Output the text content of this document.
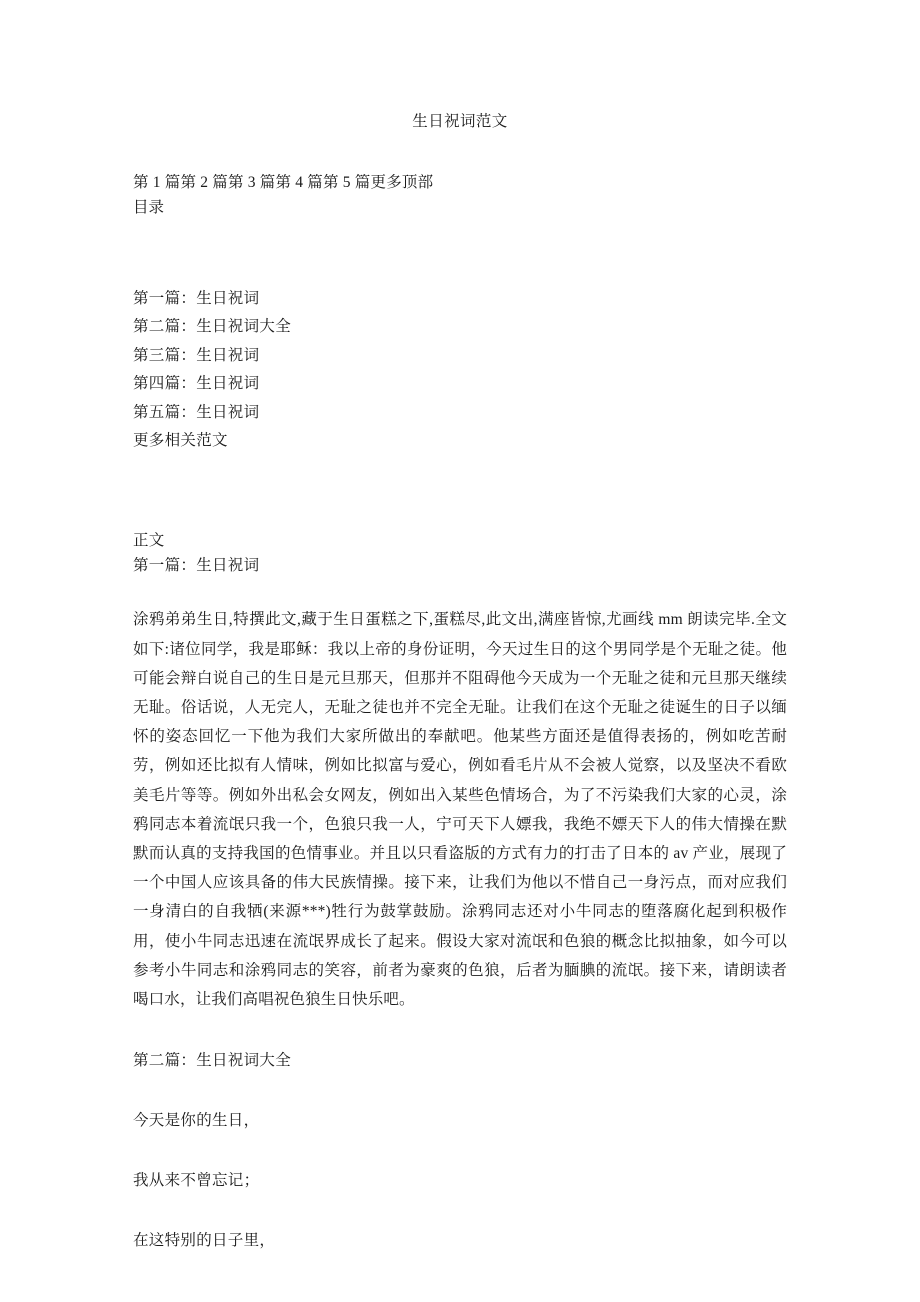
生日祝词范文

第 1 篇第 2 篇第 3 篇第 4 篇第 5 篇更多顶部

目录

第一篇：生日祝词
第二篇：生日祝词大全
第三篇：生日祝词
第四篇：生日祝词
第五篇：生日祝词

更多相关范文

正文

第一篇：生日祝词

涂鸦弟弟生日,特撰此文,藏于生日蛋糕之下,蛋糕尽,此文出,满座皆惊,尤画线 mm 朗读完毕.全文如下:诸位同学，我是耶稣：我以上帝的身份证明，今天过生日的这个男同学是个无耻之徒。他可能会辩白说自己的生日是元旦那天，但那并不阻碍他今天成为一个无耻之徒和元旦那天继续无耻。俗话说，人无完人，无耻之徒也并不完全无耻。让我们在这个无耻之徒诞生的日子以缅怀的姿态回忆一下他为我们大家所做出的奉献吧。他某些方面还是值得表扬的，例如吃苦耐劳，例如还比拟有人情味，例如比拟富与爱心，例如看毛片从不会被人觉察，以及坚决不看欧美毛片等等。例如外出私会女网友，例如出入某些色情场合，为了不污染我们大家的心灵，涂鸦同志本着流氓只我一个，色狼只我一人，宁可天下人嫖我，我绝不嫖天下人的伟大情操在默默而认真的支持我国的色情事业。并且以只看盗版的方式有力的打击了日本的 av 产业，展现了一个中国人应该具备的伟大民族情操。接下来，让我们为他以不惜自己一身污点，而对应我们一身清白的自我牺(来源***)牲行为鼓掌鼓励。涂鸦同志还对小牛同志的堕落腐化起到积极作用，使小牛同志迅速在流氓界成长了起来。假设大家对流氓和色狼的概念比拟抽象，如今可以参考小牛同志和涂鸦同志的笑容，前者为豪爽的色狼，后者为腼腆的流氓。接下来，请朗读者喝口水，让我们高唱祝色狼生日快乐吧。

第二篇：生日祝词大全

今天是你的生日，

我从来不曾忘记；

在这特别的日子里，
